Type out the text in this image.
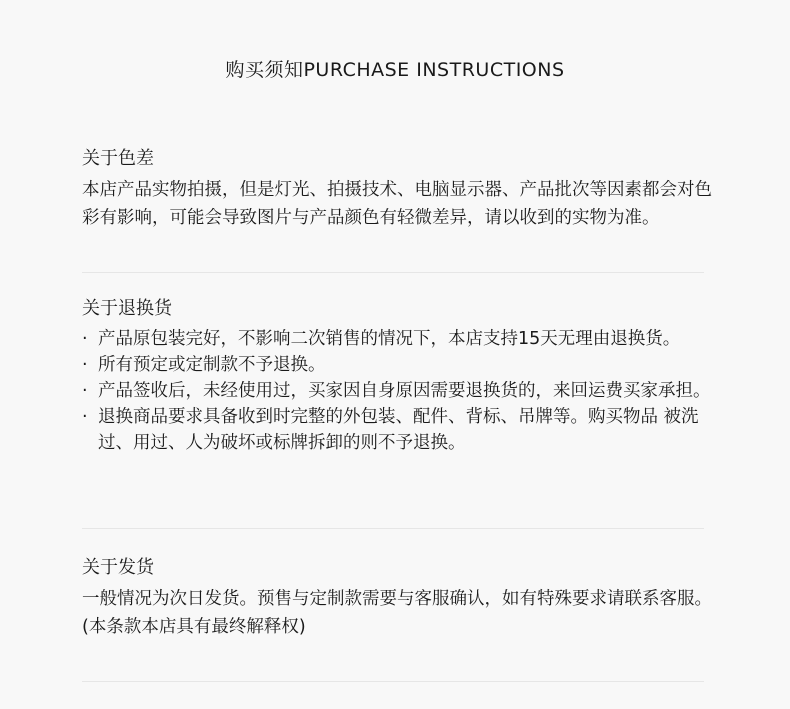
购买须知PURCHASE INSTRUCTIONS
关于色差

本店产品实物拍摄，但是灯光、拍摄技术、电脑显示器、产品批次等因素都会对色彩有影响，可能会导致图片与产品颜色有轻微差异，请以收到的实物为准。

关于退换货
· 产品原包装完好，不影响二次销售的情况下，本店支持15天无理由退换货。
· 所有预定或定制款不予退换。
· 产品签收后，未经使用过，买家因自身原因需要退换货的，来回运费买家承担。
· 退换商品要求具备收到时完整的外包装、配件、背标、吊牌等。购买物品 被洗过、用过、人为破坏或标牌拆卸的则不予退换。
关于发货

一般情况为次日发货。预售与定制款需要与客服确认，如有特殊要求请联系客服。

(本条款本店具有最终解释权)
